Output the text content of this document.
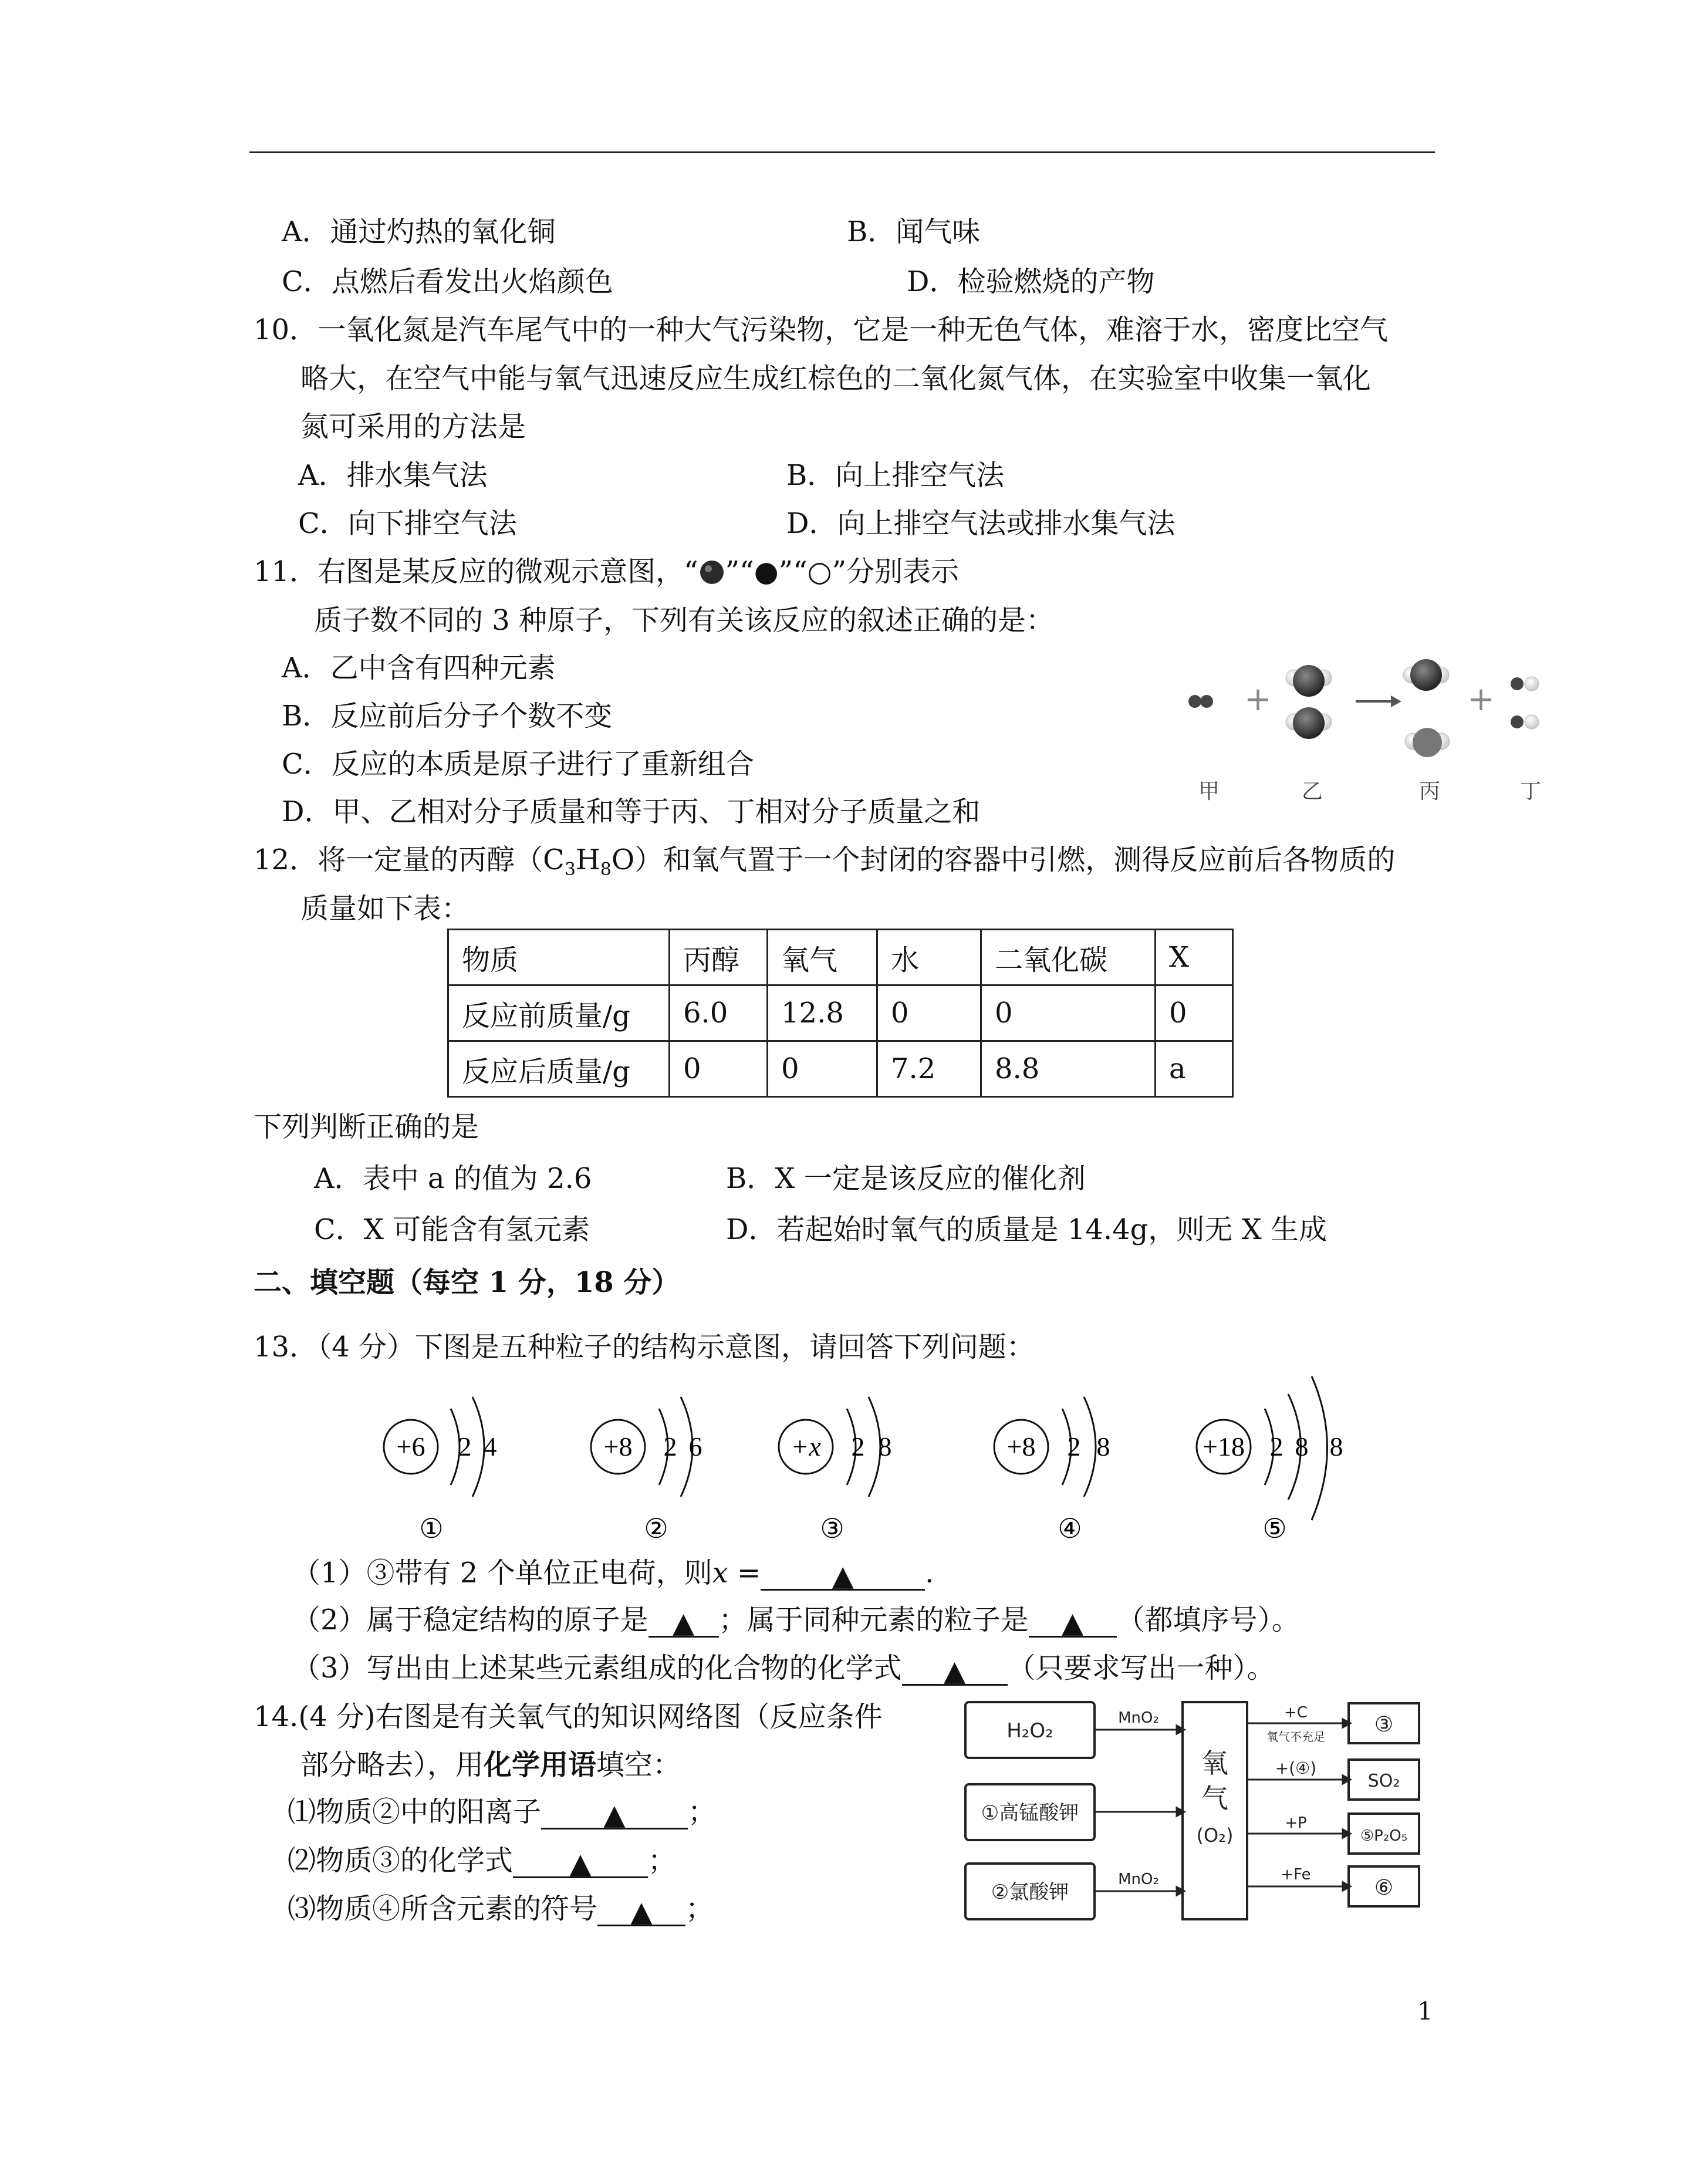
A．通过灼热的氧化铜	B．闻气味
C．点燃后看发出火焰颜色	D．检验燃烧的产物
10．一氧化氮是汽车尾气中的一种大气污染物，它是一种无色气体，难溶于水，密度比空气
略大，在空气中能与氧气迅速反应生成红棕色的二氧化氮气体，在实验室中收集一氧化
氮可采用的方法是
A．排水集气法	B．向上排空气法
C．向下排空气法	D．向上排空气法或排水集气法
11．右图是某反应的微观示意图，“ ”“●”“○”分别表示
质子数不同的 3 种原子，下列有关该反应的叙述正确的是：
A．乙中含有四种元素
B．反应前后分子个数不变
C．反应的本质是原子进行了重新组合
D．甲、乙相对分子质量和等于丙、丁相对分子质量之和
+	+
甲	乙	丙	丁
12．将一定量的丙醇$(C_3H_8O)$和氧气置于一个封闭的容器中引燃，测得反应前后各物质的
质量如下表：
物质	丙醇	氧气	水	二氧化碳	X
反应前质量/g	6.0	12.8	0	0	0
反应后质量/g	0	0	7.2	8.8	a
下列判断正确的是
A．表中 a 的值为 2.6	B．X 一定是该反应的催化剂
C．X 可能含有氢元素	D．若起始时氧气的质量是 14.4g，则无 X 生成
二、填空题（每空 1 分，18 分）
13．（4 分）下图是五种粒子的结构示意图，请回答下列问题：
+6 2 4
①
+8 2 6
②
+x 2 8
③
+8 2 8
④
+18 2 8 8
⑤
（1）③带有 2 个单位正电荷，则x =	▲	.
（2）属于稳定结构的原子是 ▲ ；属于同种元素的粒子是 ▲ （都填序号）。
（3）写出由上述某些元素组成的化合物的化学式 ▲ （只要求写出一种）。
14.(4 分)右图是有关氧气的知识网络图（反应条件
部分略去），用化学用语填空：
⑴物质②中的阳离子 ▲ ；
⑵物质③的化学式 ▲ ；
⑶物质④所含元素的符号 ▲ ；
H₂O₂
①高锰酸钾
②氯酸钾
MnO₂
MnO₂
氧
气
(O₂)
+C
氧气不充足
+(④)
+P
+Fe
③
SO₂
⑤P₂O₅
⑥
1
